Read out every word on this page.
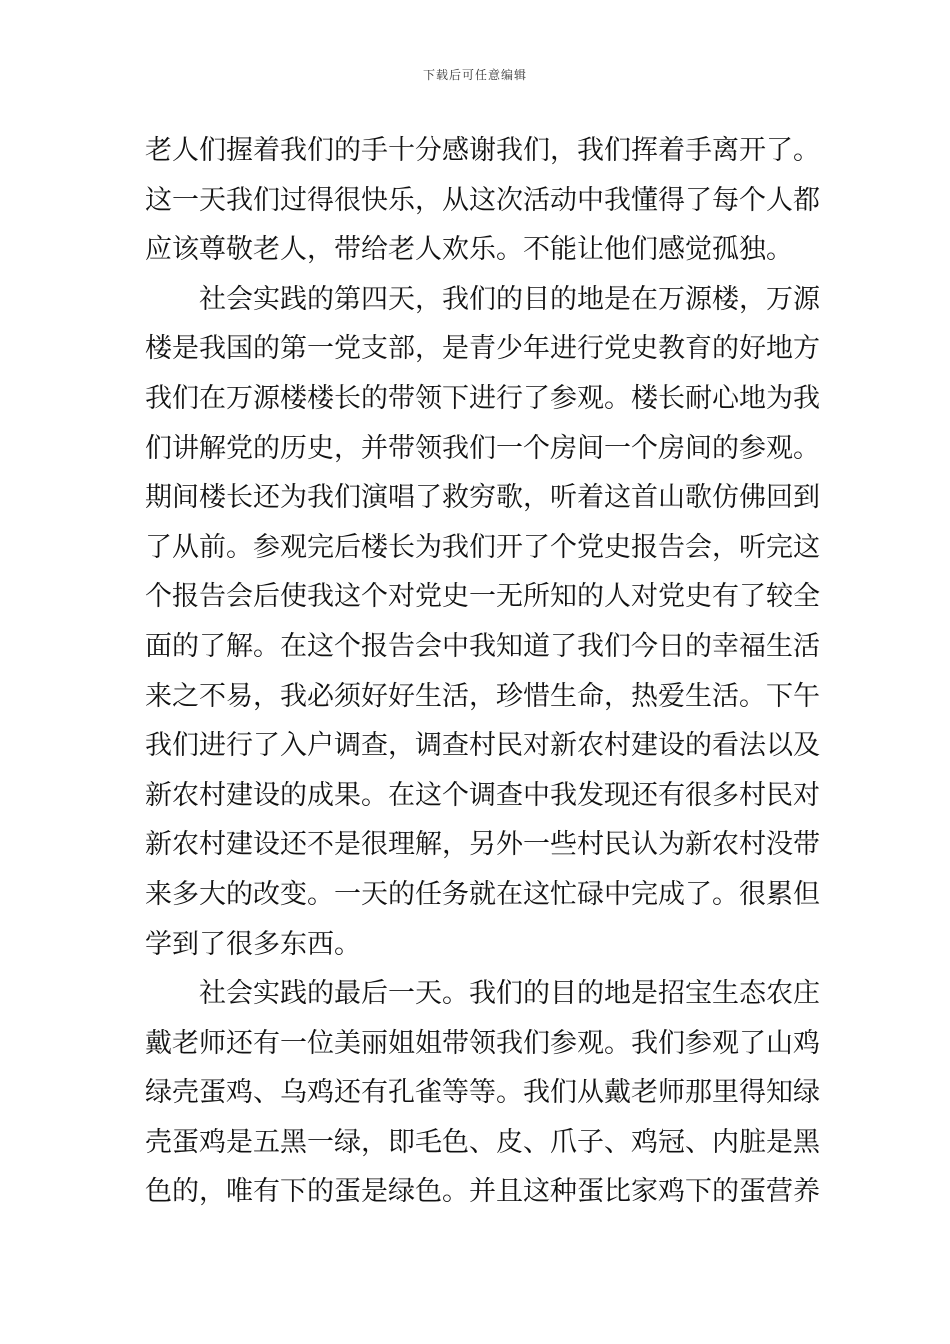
下载后可任意编辑
老人们握着我们的手十分感谢我们，我们挥着手离开了。
这一天我们过得很快乐，从这次活动中我懂得了每个人都
应该尊敬老人，带给老人欢乐。不能让他们感觉孤独。
社会实践的第四天，我们的目的地是在万源楼，万源
楼是我国的第一党支部，是青少年进行党史教育的好地方
我们在万源楼楼长的带领下进行了参观。楼长耐心地为我
们讲解党的历史，并带领我们一个房间一个房间的参观。
期间楼长还为我们演唱了救穷歌，听着这首山歌仿佛回到
了从前。参观完后楼长为我们开了个党史报告会，听完这
个报告会后使我这个对党史一无所知的人对党史有了较全
面的了解。在这个报告会中我知道了我们今日的幸福生活
来之不易，我必须好好生活，珍惜生命，热爱生活。下午
我们进行了入户调查，调查村民对新农村建设的看法以及
新农村建设的成果。在这个调查中我发现还有很多村民对
新农村建设还不是很理解，另外一些村民认为新农村没带
来多大的改变。一天的任务就在这忙碌中完成了。很累但
学到了很多东西。
社会实践的最后一天。我们的目的地是招宝生态农庄
戴老师还有一位美丽姐姐带领我们参观。我们参观了山鸡
绿壳蛋鸡、乌鸡还有孔雀等等。我们从戴老师那里得知绿
壳蛋鸡是五黑一绿，即毛色、皮、爪子、鸡冠、内脏是黑
色的，唯有下的蛋是绿色。并且这种蛋比家鸡下的蛋营养
